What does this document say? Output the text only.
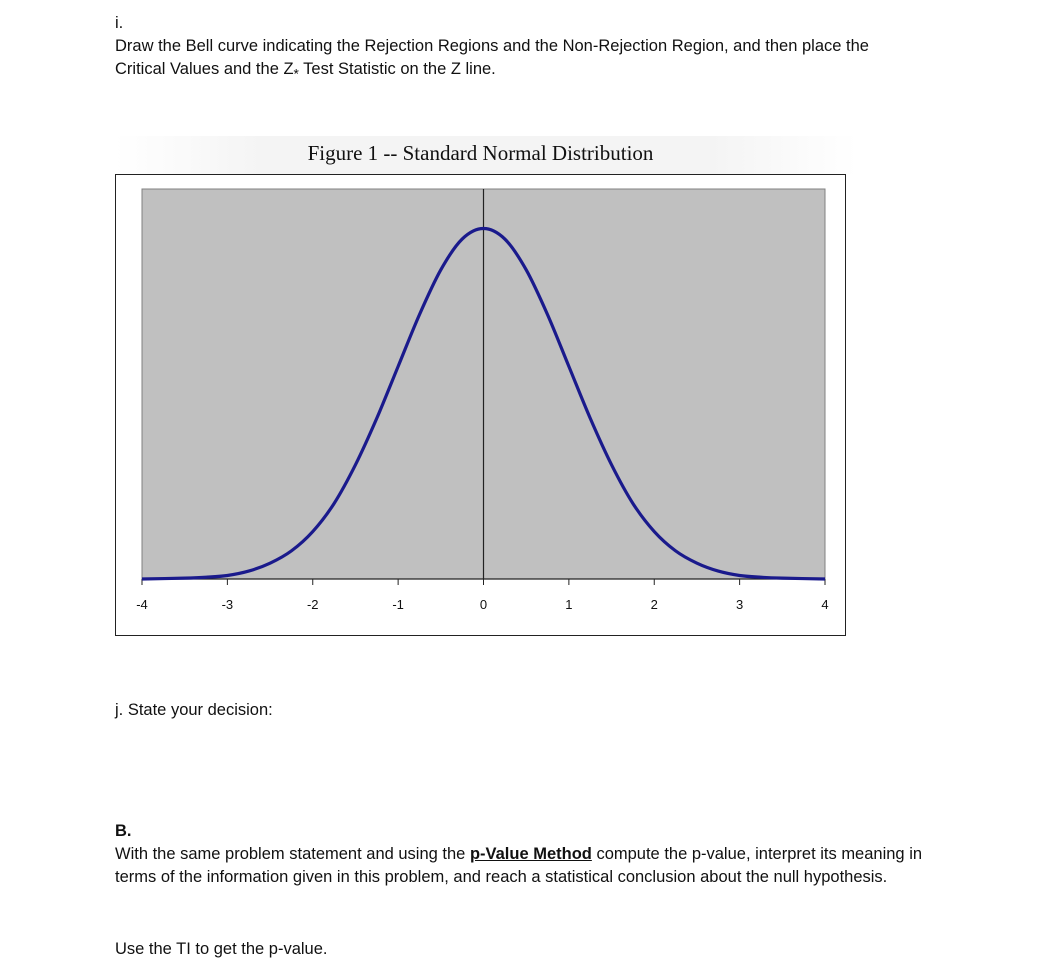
i.
Draw the Bell curve indicating the Rejection Regions and the Non-Rejection Region, and then place the Critical Values and the $Z_*$ Test Statistic on the Z line.
Figure 1 -- Standard Normal Distribution
-4	-3	-2	-1	0	1	2	3	4
j. State your decision:
B.
With the same problem statement and using the p-Value Method compute the p-value, interpret its meaning in terms of the information given in this problem, and reach a statistical conclusion about the null hypothesis.
Use the TI to get the p-value.
